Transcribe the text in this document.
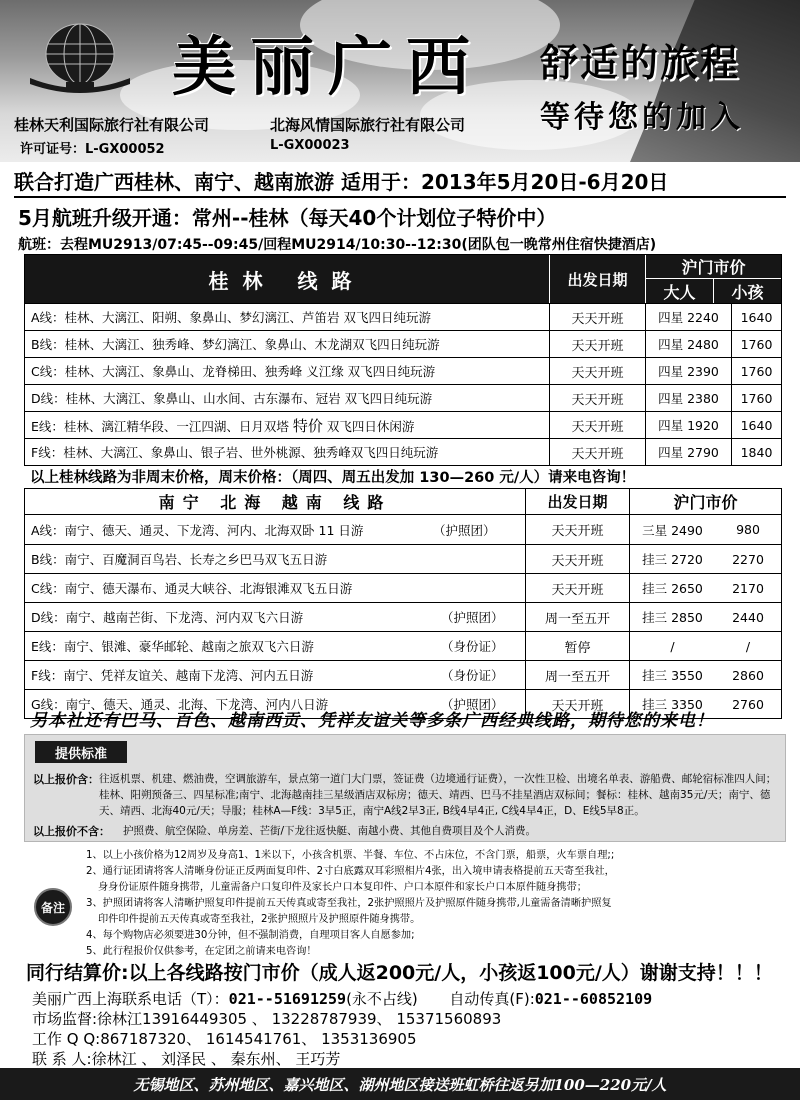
美丽广西 舒适的旅程
等待您的加入
桂林天利国际旅行社有限公司	北海风情国际旅行社有限公司
许可证号：L-GX00052	L-GX00023
联合打造广西桂林、南宁、越南旅游 适用于：2013年5月20日-6月20日
5月航班升级开通：常州--桂林（每天40个计划位子特价中）
航班：去程MU2913/07:45--09:45/回程MU2914/10:30--12:30(团队包一晚常州住宿快捷酒店)
桂林 线路	出发日期
沪门市价
大人	小孩
A线：桂林、大漓江、阳朔、象鼻山、梦幻漓江、芦笛岩 双飞四日纯玩游	天天开班	四星 2240	1640
B线：桂林、大漓江、独秀峰、梦幻漓江、象鼻山、木龙湖双飞四日纯玩游	天天开班	四星 2480	1760
C线：桂林、大漓江、象鼻山、龙脊梯田、独秀峰 义江缘 双飞四日纯玩游	天天开班	四星 2390	1760
D线：桂林、大漓江、象鼻山、山水间、古东瀑布、冠岩 双飞四日纯玩游	天天开班	四星 2380	1760
E线：桂林、漓江精华段、一江四湖、日月双塔 特价 双飞四日休闲游	天天开班	四星 1920	1640
F线：桂林、大漓江、象鼻山、银子岩、世外桃源、独秀峰双飞四日纯玩游	天天开班	四星 2790	1840
以上桂林线路为非周末价格，周末价格：（周四、周五出发加 130—260 元/人）请来电咨询！
南宁 北海 越南 线路	出发日期	沪门市价
A线：南宁、德天、通灵、下龙湾、河内、北海双卧 11 日游	（护照团）	天天开班	三星 2490	980
B线：南宁、百魔洞百鸟岩、长寿之乡巴马双飞五日游	天天开班	挂三 2720	2270
C线：南宁、德天瀑布、通灵大峡谷、北海银滩双飞五日游	天天开班	挂三 2650	2170
D线：南宁、越南芒街、下龙湾、河内双飞六日游	（护照团）	周一至五开	挂三 2850	2440
E线：南宁、银滩、豪华邮轮、越南之旅双飞六日游	（身份证）	暂停	/	/
F线：南宁、凭祥友谊关、越南下龙湾、河内五日游	（身份证）	周一至五开	挂三 3550	2860
G线：南宁、德天、通灵、北海、下龙湾、河内八日游	（护照团）	天天开班	挂三 3350	2760
另本社还有巴马、百色、越南西贡、凭祥友谊关等多条广西经典线路，期待您的来电！
提供标准
以上报价含： 往返机票、机建、燃油费，空调旅游车，景点第一道门大门票，签证费（边境通行证费），一次性卫检、出境名单表、游船费、邮轮宿标准四人间；桂林、阳朔预备三、四星标准;南宁、北海越南挂三星级酒店双标房；德天、靖西、巴马不挂星酒店双标间；餐标：桂林、越南35元/天；南宁、德天、靖西、北海40元/天；导服；桂林A—F线：3早5正，南宁A线2早3正, B线4早4正, C线4早4正，D、E线5早8正。
以上报价不含： 护照费、航空保险、单房差、芒街/下龙往返快艇、南越小费、其他自费项目及个人消费。
备注
1、以上小孩价格为12周岁及身高1、1米以下，小孩含机票、半餐、车位、不占床位，不含门票，船票，火车票自理;;
2、通行证团请将客人清晰身份证正反两面复印件、2寸白底露双耳彩照相片4张，出入境申请表格提前五天寄至我社，
身身份证原件随身携带，儿童需备户口复印件及家长户口本复印件、户口本原件和家长户口本原件随身携带；
3、护照团请将客人清晰护照复印件提前五天传真或寄至我社，2张护照照片及护照原件随身携带,儿童需备清晰护照复
印件印件提前五天传真或寄至我社，2张护照照片及护照原件随身携带。
4、每个购物店必须要进30分钟，但不强制消费，自理项目客人自愿参加;
5、此行程报价仅供参考，在定团之前请来电咨询！
同行结算价:以上各线路按门市价（成人返200元/人，小孩返100元/人）谢谢支持！！！
美丽广西上海联系电话（T）：021--51691259(永不占线) 自动传真(F):021--60852109
市场监督:徐林江13916449305 、 13228787939、 15371560893
工作 Q Q:867187320、 1614541761、 1353136905
联 系 人:徐林江 、 刘泽民 、 秦东州、 王巧芳
无锡地区、苏州地区、嘉兴地区、湖州地区接送班虹桥往返另加100—220元/人
